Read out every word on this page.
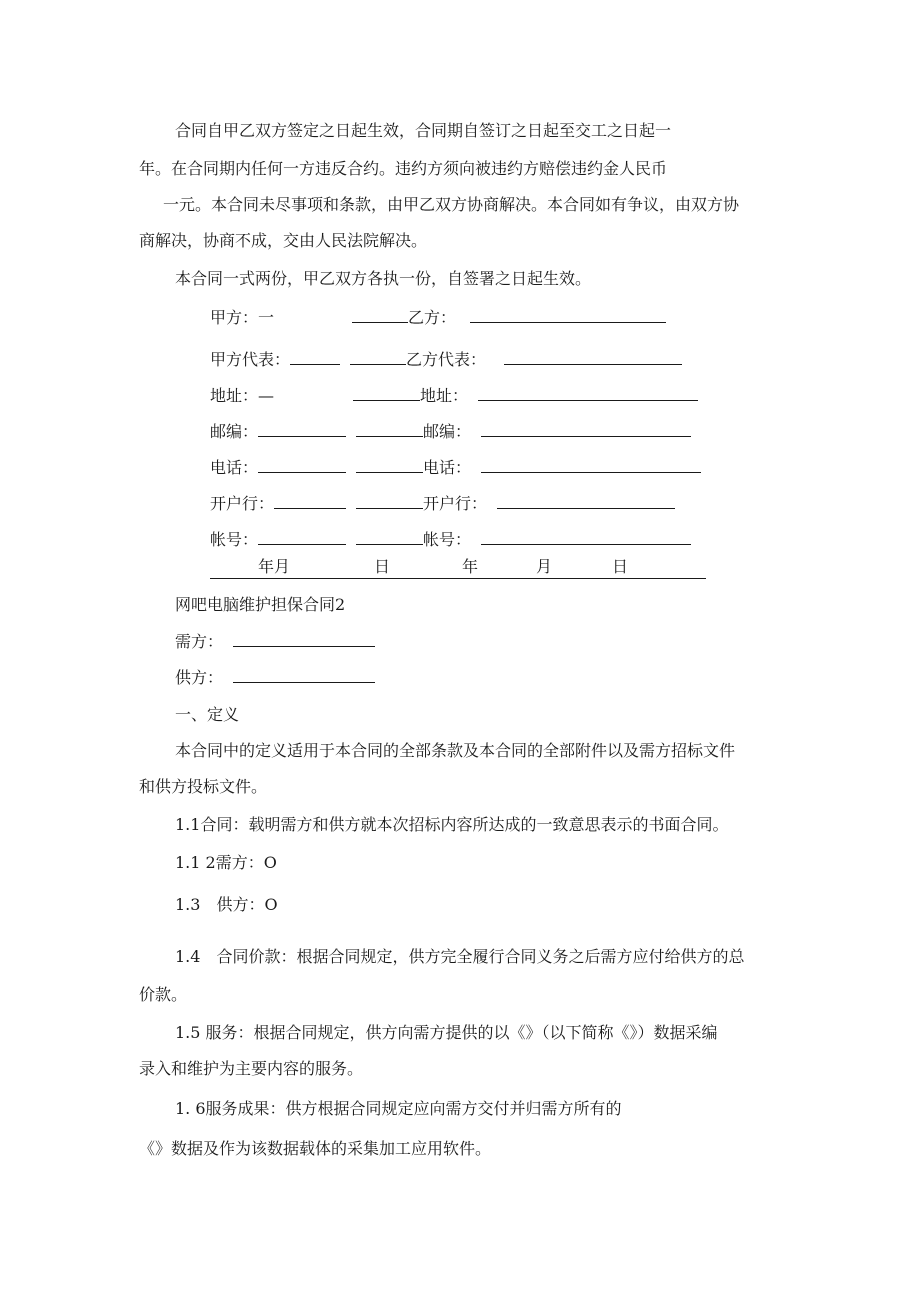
合同自甲乙双方签定之日起生效，合同期自签订之日起至交工之日起一
年。在合同期内任何一方违反合约。违约方须向被违约方赔偿违约金人民币
一元。本合同未尽事项和条款，由甲乙双方协商解决。本合同如有争议，由双方协
商解决，协商不成，交由人民法院解决。
本合同一式两份，甲乙双方各执一份，自签署之日起生效。
甲方：一	乙方：
甲方代表：	乙方代表：
地址：—	地址：
邮编：	邮编：
电话：	电话：
开户行：	开户行：
帐号：	帐号：
年月	日	年	月	日
网吧电脑维护担保合同2
需方：
供方：
一、定义
本合同中的定义适用于本合同的全部条款及本合同的全部附件以及需方招标文件
和供方投标文件。
1.1合同：载明需方和供方就本次招标内容所达成的一致意思表示的书面合同。
1.1 2需方：O
1.3　供方：O
1.4　合同价款：根据合同规定，供方完全履行合同义务之后需方应付给供方的总
价款。
1.5 服务：根据合同规定，供方向需方提供的以《》（以下简称《》）数据采编
录入和维护为主要内容的服务。
1. 6服务成果：供方根据合同规定应向需方交付并归需方所有的
《》数据及作为该数据载体的采集加工应用软件。
